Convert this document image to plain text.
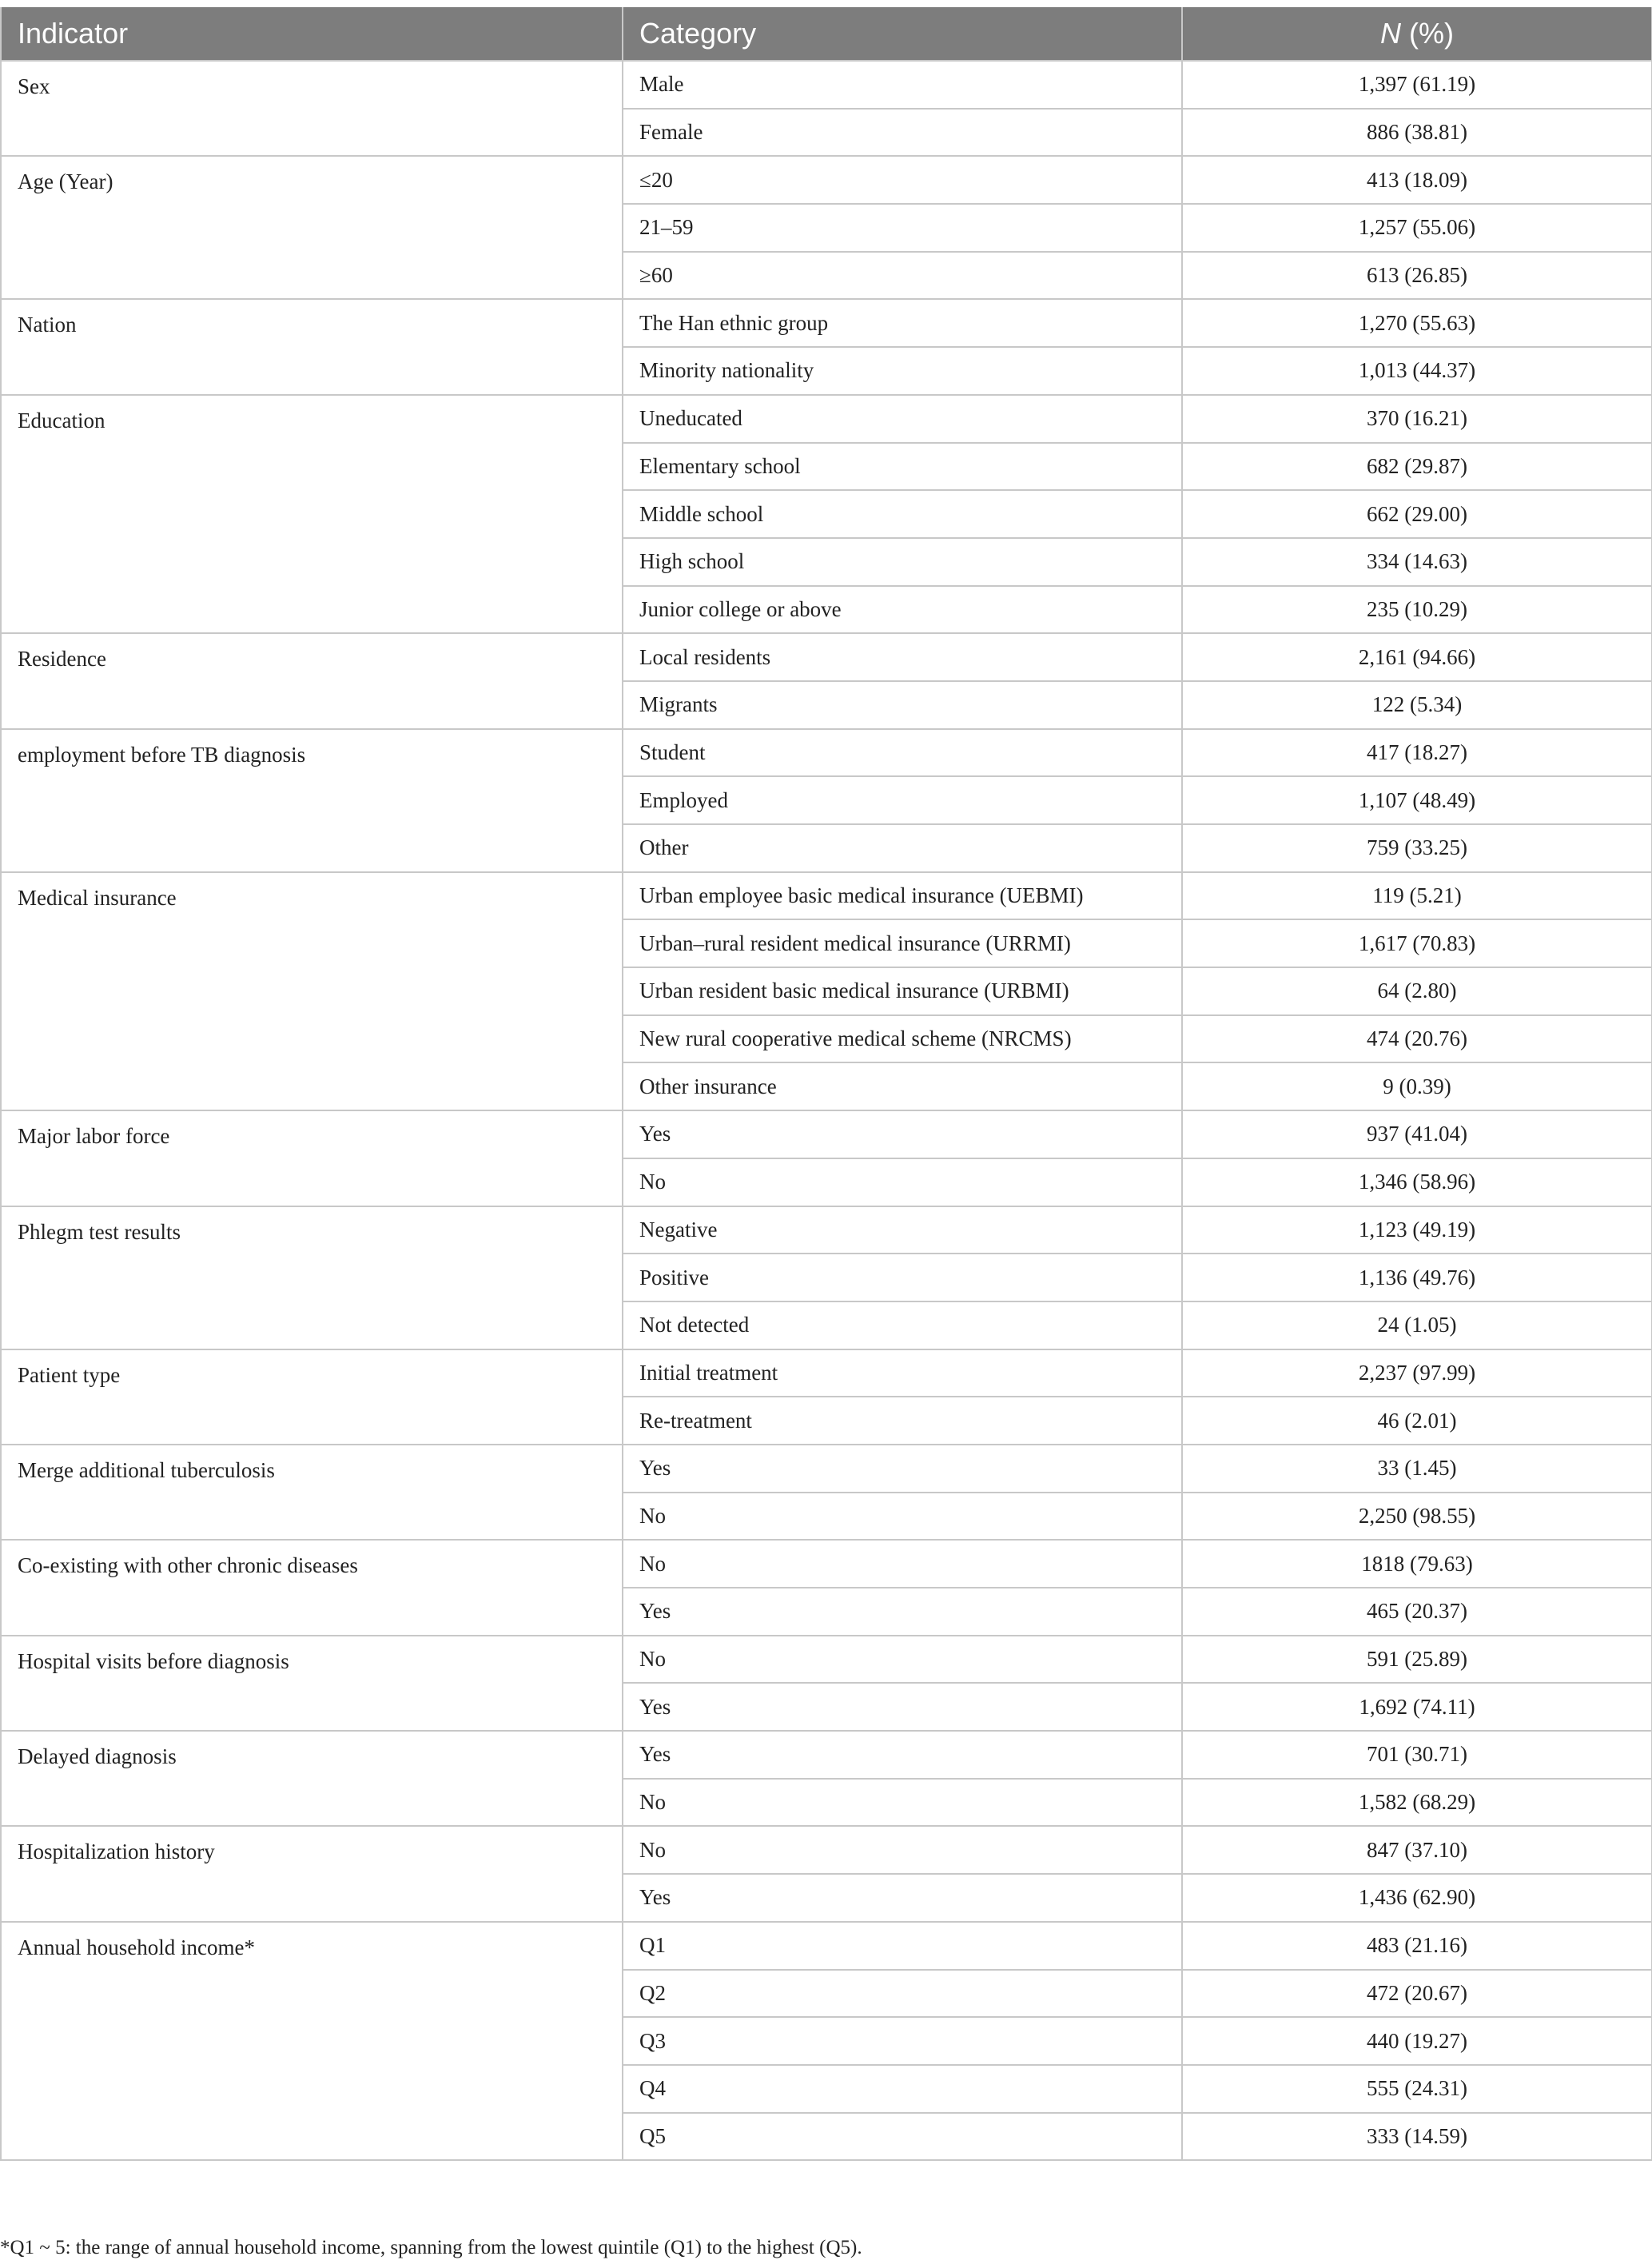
Indicator	Category	N (%)
Sex	Male	1,397 (61.19)
	Female	886 (38.81)
Age (Year)	≤20	413 (18.09)
	21–59	1,257 (55.06)
	≥60	613 (26.85)
Nation	The Han ethnic group	1,270 (55.63)
	Minority nationality	1,013 (44.37)
Education	Uneducated	370 (16.21)
	Elementary school	682 (29.87)
	Middle school	662 (29.00)
	High school	334 (14.63)
	Junior college or above	235 (10.29)
Residence	Local residents	2,161 (94.66)
	Migrants	122 (5.34)
employment before TB diagnosis	Student	417 (18.27)
	Employed	1,107 (48.49)
	Other	759 (33.25)
Medical insurance	Urban employee basic medical insurance (UEBMI)	119 (5.21)
	Urban–rural resident medical insurance (URRMI)	1,617 (70.83)
	Urban resident basic medical insurance (URBMI)	64 (2.80)
	New rural cooperative medical scheme (NRCMS)	474 (20.76)
	Other insurance	9 (0.39)
Major labor force	Yes	937 (41.04)
	No	1,346 (58.96)
Phlegm test results	Negative	1,123 (49.19)
	Positive	1,136 (49.76)
	Not detected	24 (1.05)
Patient type	Initial treatment	2,237 (97.99)
	Re-treatment	46 (2.01)
Merge additional tuberculosis	Yes	33 (1.45)
	No	2,250 (98.55)
Co-existing with other chronic diseases	No	1818 (79.63)
	Yes	465 (20.37)
Hospital visits before diagnosis	No	591 (25.89)
	Yes	1,692 (74.11)
Delayed diagnosis	Yes	701 (30.71)
	No	1,582 (68.29)
Hospitalization history	No	847 (37.10)
	Yes	1,436 (62.90)
Annual household income*	Q1	483 (21.16)
	Q2	472 (20.67)
	Q3	440 (19.27)
	Q4	555 (24.31)
	Q5	333 (14.59)
*Q1 ~ 5: the range of annual household income, spanning from the lowest quintile (Q1) to the highest (Q5).
